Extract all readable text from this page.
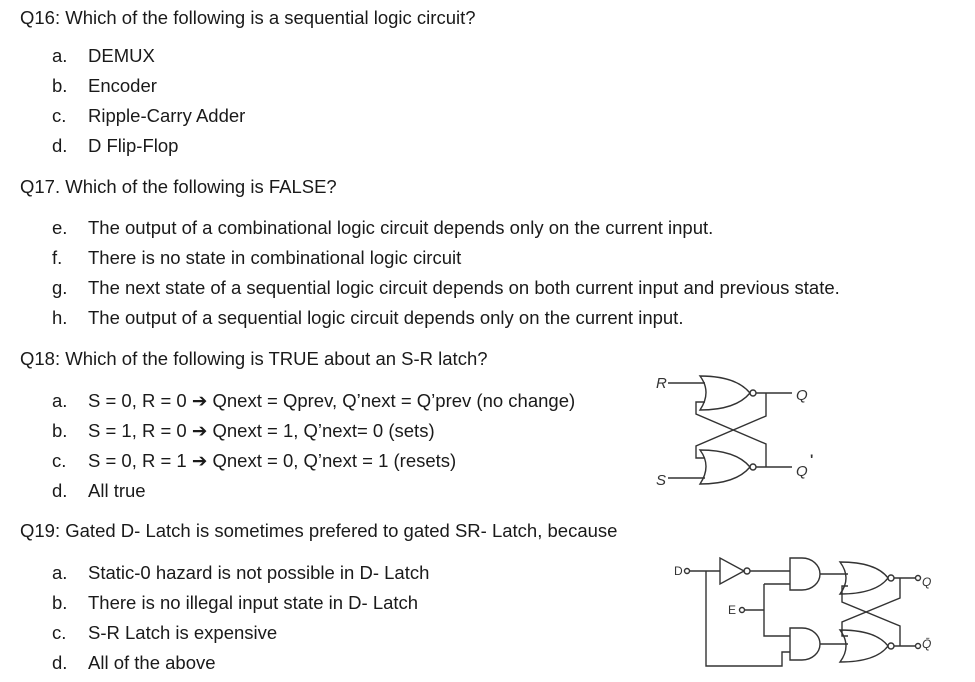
Q16: Which of the following is a sequential logic circuit?
a. DEMUX
b. Encoder
c. Ripple-Carry Adder
d. D Flip-Flop
Q17. Which of the following is FALSE?
e. The output of a combinational logic circuit depends only on the current input.
f. There is no state in combinational logic circuit
g. The next state of a sequential logic circuit depends on both current input and previous state.
h. The output of a sequential logic circuit depends only on the current input.
Q18: Which of the following is TRUE about an S-R latch?
a. S = 0, R = 0 ➔ Qnext = Qprev, Q’next = Q’prev (no change)
b. S = 1, R = 0 ➔ Qnext = 1, Q’next= 0 (sets)
c. S = 0, R = 1 ➔ Qnext = 0, Q’next = 1 (resets)
d. All true
Q19: Gated D- Latch is sometimes prefered to gated SR- Latch, because
a. Static-0 hazard is not possible in D- Latch
b. There is no illegal input state in D- Latch
c. S-R Latch is expensive
d. All of the above
R
S
Q
Q
'
D
E
Q
Q̄
